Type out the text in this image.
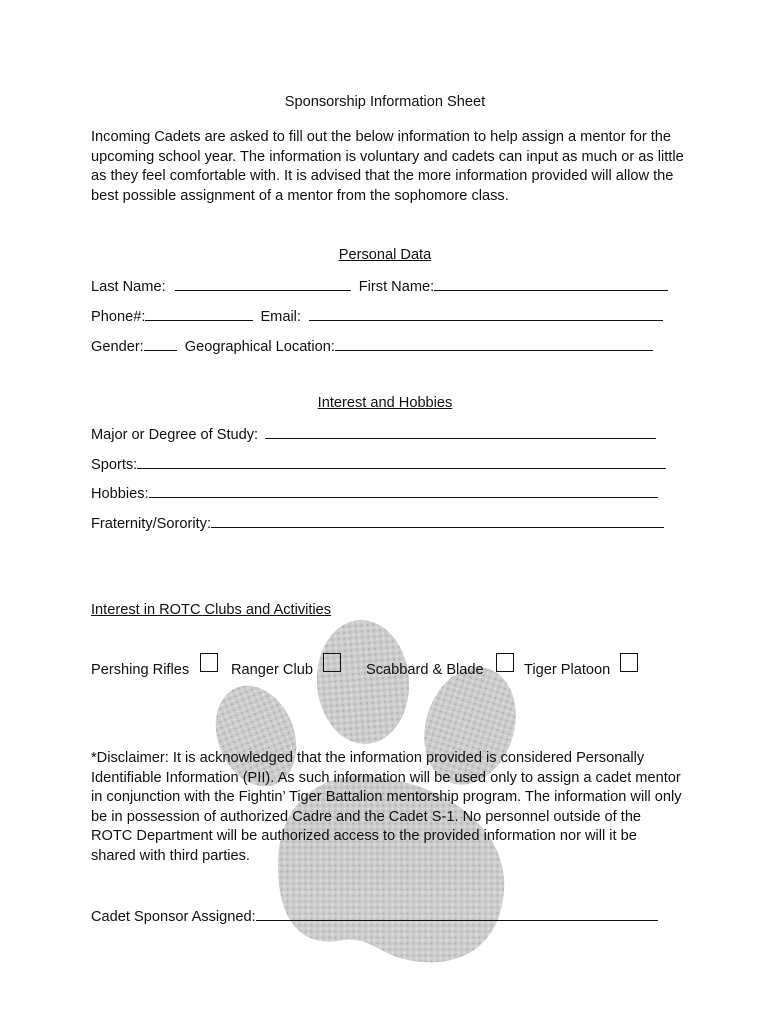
Sponsorship Information Sheet
Incoming Cadets are asked to fill out the below information to help assign a mentor for the upcoming school year. The information is voluntary and cadets can input as much or as little as they feel comfortable with. It is advised that the more information provided will allow the best possible assignment of a mentor from the sophomore class.
Personal Data
Last Name:	First Name:
Phone#:	Email:
Gender:	Geographical Location:
Interest and Hobbies
Major or Degree of Study:
Sports:
Hobbies:
Fraternity/Sorority:
Interest in ROTC Clubs and Activities
Pershing Rifles	Ranger Club	Scabbard & Blade	Tiger Platoon
*Disclaimer: It is acknowledged that the information provided is considered Personally Identifiable Information (PII). As such information will be used only to assign a cadet mentor in conjunction with the Fightin’ Tiger Battalion mentorship program. The information will only be in possession of authorized Cadre and the Cadet S-1. No personnel outside of the ROTC Department will be authorized access to the provided information nor will it be shared with third parties.
Cadet Sponsor Assigned:
